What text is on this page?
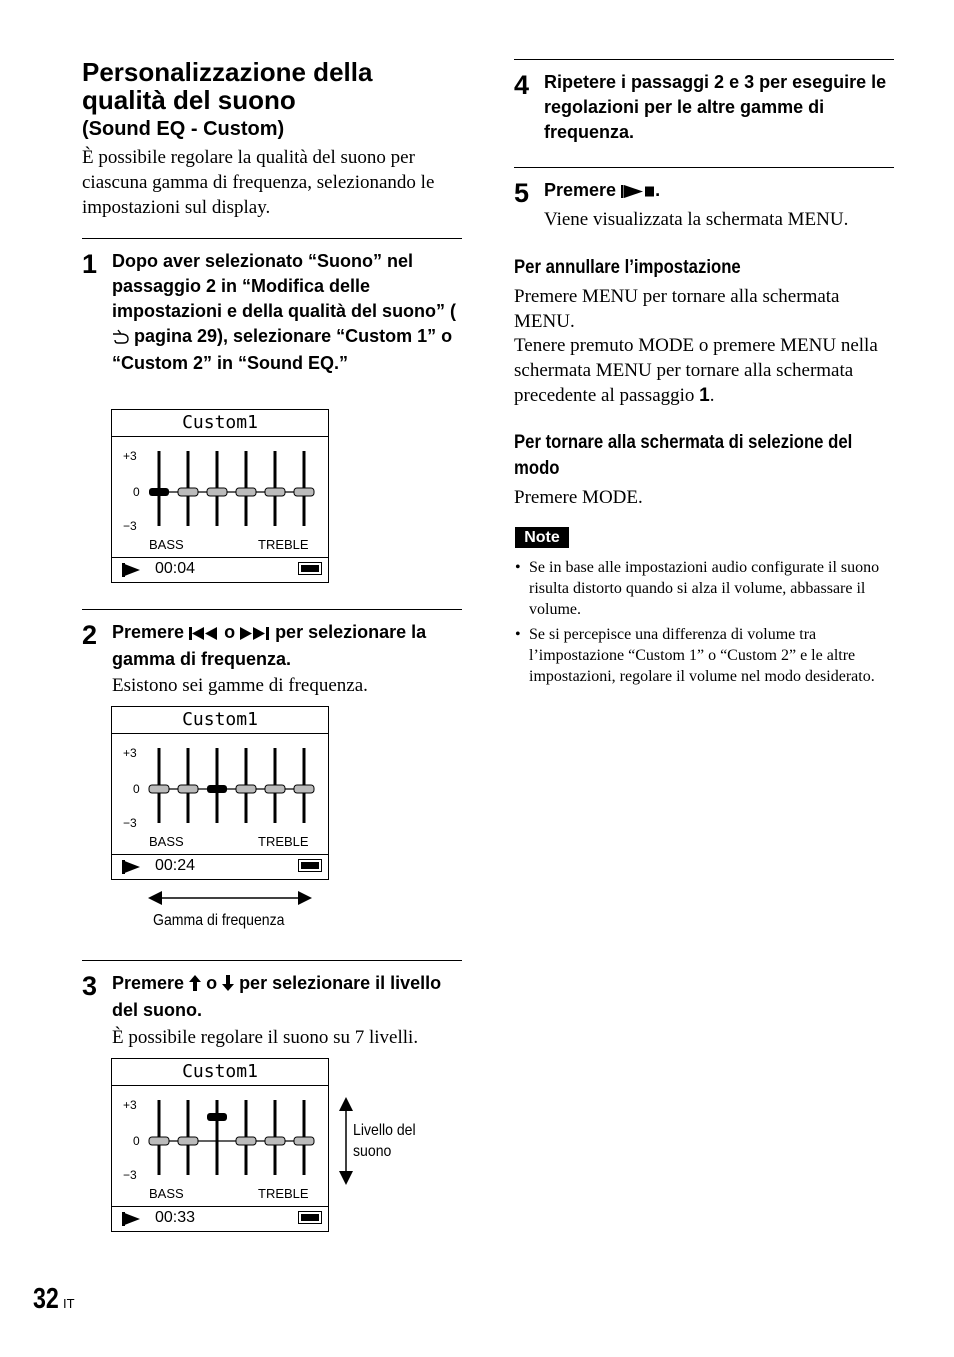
Personalizzazione della qualità del suono
(Sound EQ - Custom)
È possibile regolare la qualità del suono per ciascuna gamma di frequenza, selezionando le impostazioni sul display.
1 Dopo aver selezionato “Suono” nel passaggio 2 in “Modifica delle impostazioni e della qualità del suono” ( pagina 29), selezionare “Custom 1” o “Custom 2” in “Sound EQ.”
Custom1
+3
0
−3
BASS	TREBLE
00:04
2 Premere  o  per selezionare la gamma di frequenza.
Esistono sei gamme di frequenza.
Custom1
+3
0
−3
BASS	TREBLE
00:24
Gamma di frequenza
3 Premere  o  per selezionare il livello del suono.
È possibile regolare il suono su 7 livelli.
Custom1
+3
0
−3
BASS	TREBLE
00:33
Livello del suono
32 IT
4 Ripetere i passaggi 2 e 3 per eseguire le regolazioni per le altre gamme di frequenza.
5 Premere .
Viene visualizzata la schermata MENU.
Per annullare l’impostazione
Premere MENU per tornare alla schermata MENU.
Tenere premuto MODE o premere MENU nella schermata MENU per tornare alla schermata precedente al passaggio 1.
Per tornare alla schermata di selezione del modo
Premere MODE.
Note
• Se in base alle impostazioni audio configurate il suono risulta distorto quando si alza il volume, abbassare il volume.
• Se si percepisce una differenza di volume tra l’impostazione “Custom 1” o “Custom 2” e le altre impostazioni, regolare il volume nel modo desiderato.
